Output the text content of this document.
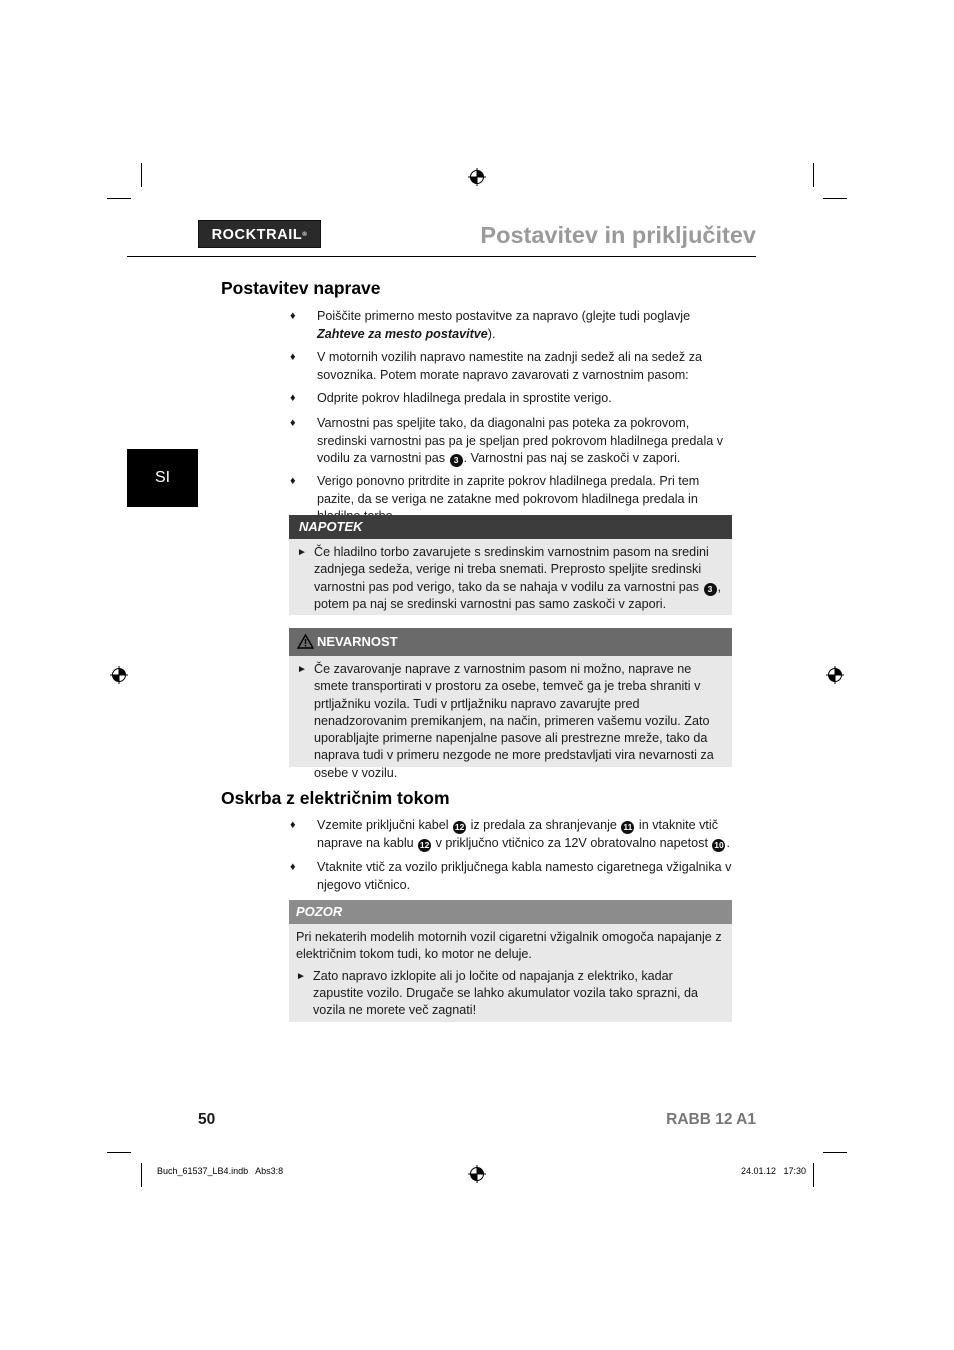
ROCKTRAIL®	Postavitev in priključitev
SI
Postavitev naprave
♦ Poiščite primerno mesto postavitve za napravo (glejte tudi poglavje Zahteve za mesto postavitve).
♦ V motornih vozilih napravo namestite na zadnji sedež ali na sedež za sovoznika. Potem morate napravo zavarovati z varnostnim pasom:
♦ Odprite pokrov hladilnega predala in sprostite verigo.
♦ Varnostni pas speljite tako, da diagonalni pas poteka za pokrovom, sredinski varnostni pas pa je speljan pred pokrovom hladilnega predala v vodilu za varnostni pas 3 . Varnostni pas naj se zaskoči v zapori.
♦ Verigo ponovno pritrdite in zaprite pokrov hladilnega predala. Pri tem pazite, da se veriga ne zatakne med pokrovom hladilnega predala in
NAPOTEK
► Če hladilno torbo zavarujete s sredinskim varnostnim pasom na sredini zadnjega sedeža, verige ni treba snemati. Preprosto speljite sredinski varnostni pas pod verigo, tako da se nahaja v vodilu za varnostni pas 3 , potem pa naj se sredinski varnostni pas samo zaskoči v zapori.
NEVARNOST
► Če zavarovanje naprave z varnostnim pasom ni možno, naprave ne smete transportirati v prostoru za osebe, temveč ga je treba shraniti v prtljažniku vozila. Tudi v prtljažniku napravo zavarujte pred nenadzorovanim premikanjem, na način, primeren vašemu vozilu. Zato uporabljajte primerne napenjalne pasove ali prestrezne mreže, tako da naprava tudi v primeru nezgode ne more predstavljati vira nevarnosti za osebe v vozilu.
Oskrba z električnim tokom
♦ Vzemite priključni kabel 12 iz predala za shranjevanje 11 in vtaknite vtič napravе na kablu 12 v priključno vtičnico za 12V obratovalno napetost 10 .
♦ Vtaknite vtič za vozilo priključnega kabla namesto cigaretnega vžigalnika v njegovo vtičnico.
POZOR
Pri nekaterih modelih motornih vozil cigaretni vžigalnik omogoča napajanje z električnim tokom tudi, ko motor ne deluje.
► Zato napravo izklopite ali jo ločite od napajanja z elektriko, kadar zapustite vozilo. Drugače se lahko akumulator vozila tako sprazni, da vozila ne morete več zagnati!
50	RABB 12 A1
Buch_61537_LB4.indb   Abs3:8	24.01.12   17:30
